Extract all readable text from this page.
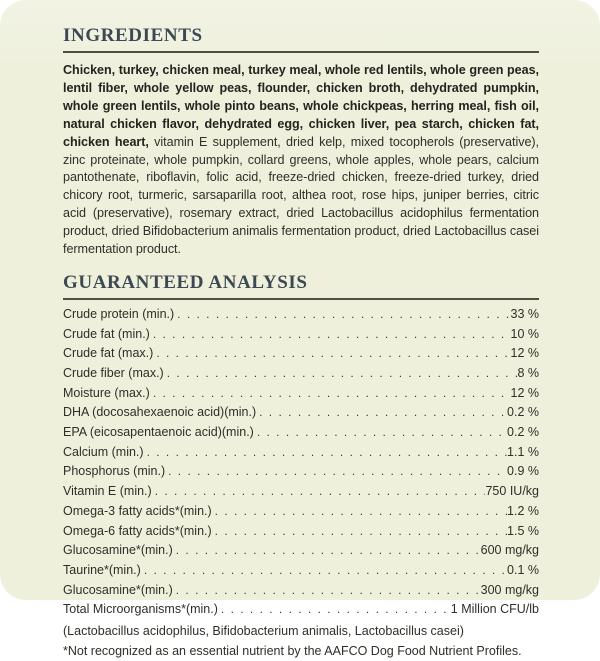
INGREDIENTS

Chicken, turkey, chicken meal, turkey meal, whole red lentils, whole green peas, lentil fiber, whole yellow peas, flounder, chicken broth, dehydrated pumpkin, whole green lentils, whole pinto beans, whole chickpeas, herring meal, fish oil, natural chicken flavor, dehydrated egg, chicken liver, pea starch, chicken fat, chicken heart, vitamin E supplement, dried kelp, mixed tocopherols (preservative), zinc proteinate, whole pumpkin, collard greens, whole apples, whole pears, calcium pantothenate, riboflavin, folic acid, freeze-dried chicken, freeze-dried turkey, dried chicory root, turmeric, sarsaparilla root, althea root, rose hips, juniper berries, citric acid (preservative), rosemary extract, dried Lactobacillus acidophilus fermentation product, dried Bifidobacterium animalis fermentation product, dried Lactobacillus casei fermentation product.

GUARANTEED ANALYSIS
Crude protein (min.) . . .	33 %
Crude fat (min.) . . .	10 %
Crude fat (max.) . . .	12 %
Crude fiber (max.) . . .	8 %
Moisture (max.) . . .	12 %
DHA (docosahexaenoic acid)(min.) . . .	0.2 %
EPA (eicosapentaenoic acid)(min.) . . .	0.2 %
Calcium (min.) . . .	1.1 %
Phosphorus (min.) . . .	0.9 %
Vitamin E (min.) . . .	750 IU/kg
Omega-3 fatty acids*(min.) . . .	1.2 %
Omega-6 fatty acids*(min.) . . .	1.5 %
Glucosamine*(min.) . . .	600 mg/kg
Taurine*(min.) . . .	0.1 %
Glucosamine*(min.) . . .	300 mg/kg
Total Microorganisms*(min.) . . .	1 Million CFU/lb

(Lactobacillus acidophilus, Bifidobacterium animalis, Lactobacillus casei)

*Not recognized as an essential nutrient by the AAFCO Dog Food Nutrient Profiles.
